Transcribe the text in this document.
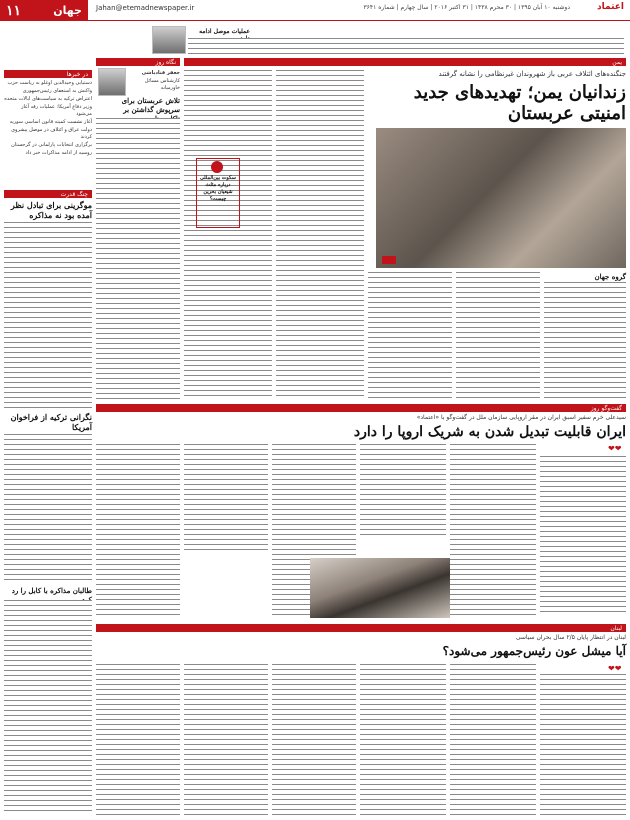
۱۱	جهان Jahan@etemadnewspaper.ir	دوشنبه ۱۰ آبان ۱۳۹۵ | ۳۰ محرم ۱۴۳۸ | ۳۱ اکتبر ۲۰۱۶ | سال چهارم | شماره ۳۶۴۱	اعتماد
عملیات موصل ادامه
یمن
جنگنده‌های ائتلاف عربی باز شهروندان غیرنظامی را نشانه گرفتند
زندانیان یمن؛ تهدیدهای جدید
امنیتی عربستان
گروه جهان
نگاه روز
جعفر قنادباشی
کارشناس مسائل خاورمیانه
تلاش عربستان برای سرپوش گذاشتن بر
سکوت بین‌المللی درباره مثلث شیعیان بحرین چیست؟
در خبرها
دستیابی وحیدالدین اوغلو به ریاست حزب
واکنش به استعفای رئیس‌جمهوری
اعتراض ترکیه به سیاست‌های ایالات متحده
وزیر دفاع آمریکا: عملیات رقه آغاز می‌شود
آغاز نشست کمیته قانون اساسی سوریه
دولت عراق و ائتلاف در موصل پیشروی کردند
برگزاری انتخابات پارلمانی در گرجستان
روسیه از ادامه مذاکرات خبر داد
چنگ قدرت
موگرینی برای تبادل نظر آمده بود نه مذاکره
نگرانی ترکیه از فراخوان آمریکا
طالبان مذاکره با کابل را رد
گفت‌وگو روز
سیدعلی خرم سفیر اسبق ایران در مقر اروپایی سازمان ملل در گفت‌وگو با «اعتماد»
ایران قابلیت تبدیل شدن به شریک اروپا را دارد
❤❤
لبنان
لبنان در انتظار پایان ۲/۵ سال بحران سیاسی
آیا میشل عون رئیس‌جمهور می‌شود؟
❤❤
